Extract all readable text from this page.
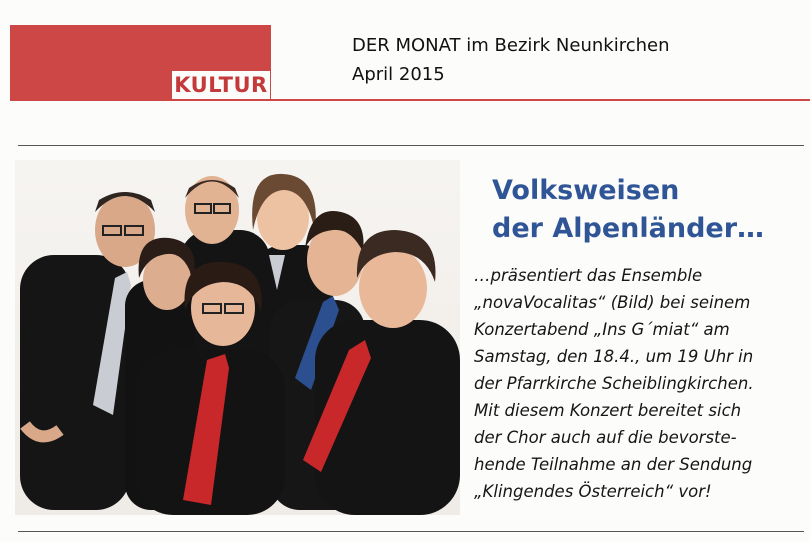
KULTUR
DER MONAT im Bezirk Neunkirchen
April 2015
Volksweisen
der Alpenländer…
…präsentiert das Ensemble
„novaVocalitas“ (Bild) bei seinem
Konzertabend „Ins G´miat“ am
Samstag, den 18.4., um 19 Uhr in
der Pfarrkirche Scheiblingkirchen.
Mit diesem Konzert bereitet sich
der Chor auch auf die bevorste-
hende Teilnahme an der Sendung
„Klingendes Österreich“ vor!
